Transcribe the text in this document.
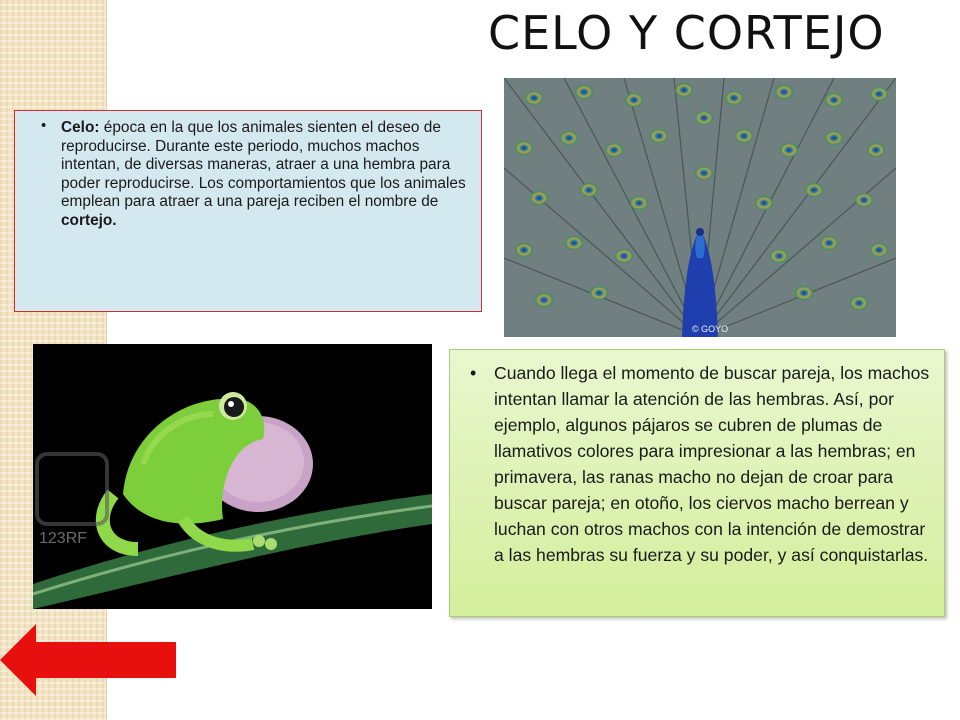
CELO Y CORTEJO
• Celo: época en la que los animales sienten el deseo de reproducirse. Durante este periodo, muchos machos intentan, de diversas maneras, atraer a una hembra para poder reproducirse. Los comportamientos que los animales emplean para atraer a una pareja reciben el nombre de cortejo.
© GOYO
123RF
• Cuando llega el momento de buscar pareja, los machos intentan llamar la atención de las hembras. Así, por ejemplo, algunos pájaros se cubren de plumas de llamativos colores para impresionar a las hembras; en primavera, las ranas macho no dejan de croar para buscar pareja; en otoño, los ciervos macho berrean y luchan con otros machos con la intención de demostrar a las hembras su fuerza y su poder, y así conquistarlas.
